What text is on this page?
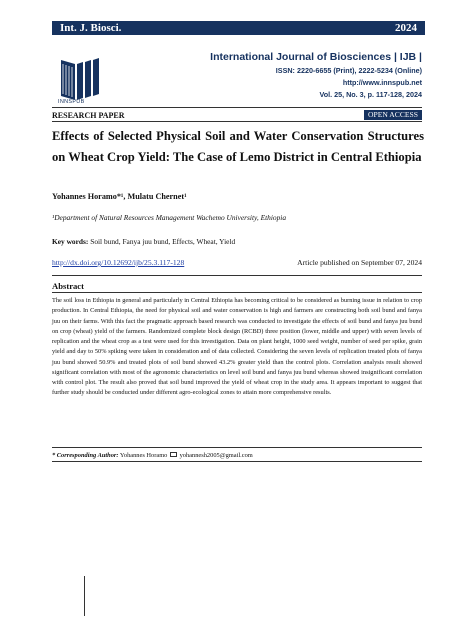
Int. J. Biosci.	2024
INNSPUB
International Journal of Biosciences | IJB |
ISSN: 2220-6655 (Print), 2222-5234 (Online)
http://www.innspub.net
Vol. 25, No. 3, p. 117-128, 2024
RESEARCH PAPER	OPEN ACCESS
Effects of Selected Physical Soil and Water Conservation Structures on Wheat Crop Yield: The Case of Lemo District in Central Ethiopia
Yohannes Horamo*¹, Mulatu Chernet¹
¹Department of Natural Resources Management Wachemo University, Ethiopia
Key words: Soil bund, Fanya juu bund, Effects, Wheat, Yield
http://dx.doi.org/10.12692/ijb/25.3.117-128	Article published on September 07, 2024
Abstract
The soil loss in Ethiopia in general and particularly in Central Ethiopia has becoming critical to be considered as burning issue in relation to crop production. In Central Ethiopia, the need for physical soil and water conservation is high and farmers are constructing both soil bund and fanya juu on their farms. With this fact the pragmatic approach based research was conducted to investigate the effects of soil bund and fanya juu bund on crop (wheat) yield of the farmers. Randomized complete block design (RCBD) three position (lower, middle and upper) with seven levels of replication and the wheat crop as a test were used for this investigation. Data on plant height, 1000 seed weight, number of seed per spike, grain yield and day to 50% spiking were taken in consideration and of data collected. Considering the seven levels of replication treated plots of fanya juu bund showed 50.9% and treated plots of soil bund showed 43.2% greater yield than the control plots. Correlation analysis result showed significant correlation with most of the agronomic characteristics on level soil bund and fanya juu bund whereas showed insignificant correlation with control plot. The result also proved that soil bund improved the yield of wheat crop in the study area. It appears important to suggest that further study should be conducted under different agro-ecological zones to attain more comprehensive results.
* Corresponding Author: Yohannes Horamo yohannesh2005@gmail.com
